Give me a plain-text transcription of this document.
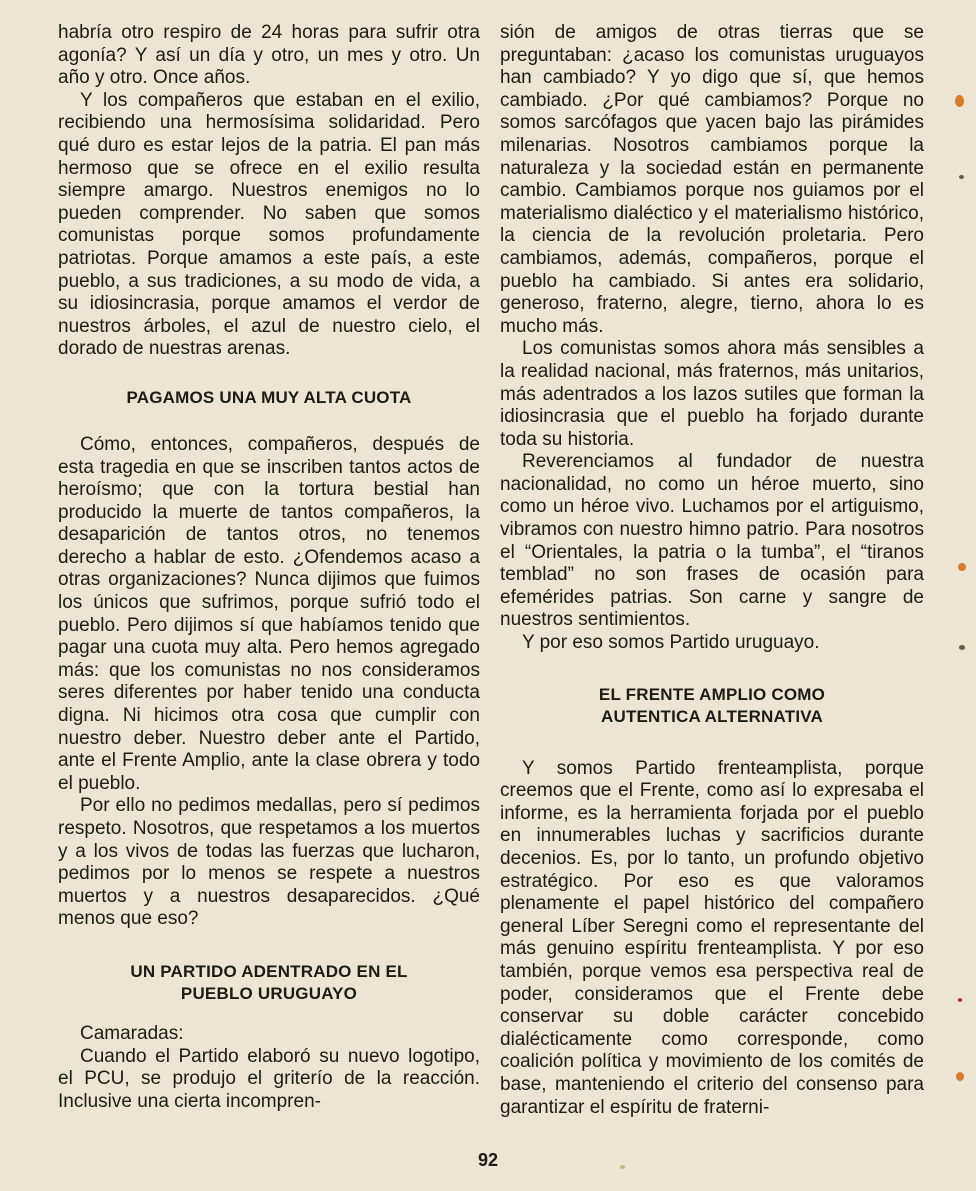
habría otro respiro de 24 horas para sufrir otra agonía? Y así un día y otro, un mes y otro. Un año y otro. Once años.

Y los compañeros que estaban en el exilio, recibiendo una hermosísima solidaridad. Pero qué duro es estar lejos de la patria. El pan más hermoso que se ofrece en el exilio resulta siempre amargo. Nuestros enemigos no lo pueden comprender. No saben que somos comunistas porque somos profundamente patriotas. Porque amamos a este país, a este pueblo, a sus tradiciones, a su modo de vida, a su idiosincrasia, porque amamos el verdor de nuestros árboles, el azul de nuestro cielo, el dorado de nuestras arenas.

PAGAMOS UNA MUY ALTA CUOTA

Cómo, entonces, compañeros, después de esta tragedia en que se inscriben tantos actos de heroísmo; que con la tortura bestial han producido la muerte de tantos compañeros, la desaparición de tantos otros, no tenemos derecho a hablar de esto. ¿Ofendemos acaso a otras organizaciones? Nunca dijimos que fuimos los únicos que sufrimos, porque sufrió todo el pueblo. Pero dijimos sí que habíamos tenido que pagar una cuota muy alta. Pero hemos agregado más: que los comunistas no nos consideramos seres diferentes por haber tenido una conducta digna. Ni hicimos otra cosa que cumplir con nuestro deber. Nuestro deber ante el Partido, ante el Frente Amplio, ante la clase obrera y todo el pueblo.

Por ello no pedimos medallas, pero sí pedimos respeto. Nosotros, que respetamos a los muertos y a los vivos de todas las fuerzas que lucharon, pedimos por lo menos se respete a nuestros muertos y a nuestros desaparecidos. ¿Qué menos que eso?

UN PARTIDO ADENTRADO EN EL
PUEBLO URUGUAYO

Camaradas:

Cuando el Partido elaboró su nuevo logotipo, el PCU, se produjo el griterío de la reacción. Inclusive una cierta incompren-

sión de amigos de otras tierras que se preguntaban: ¿acaso los comunistas uruguayos han cambiado? Y yo digo que sí, que hemos cambiado. ¿Por qué cambiamos? Porque no somos sarcófagos que yacen bajo las pirámides milenarias. Nosotros cambiamos porque la naturaleza y la sociedad están en permanente cambio. Cambiamos porque nos guiamos por el materialismo dialéctico y el materialismo histórico, la ciencia de la revolución proletaria. Pero cambiamos, además, compañeros, porque el pueblo ha cambiado. Si antes era solidario, generoso, fraterno, alegre, tierno, ahora lo es mucho más.

Los comunistas somos ahora más sensibles a la realidad nacional, más fraternos, más unitarios, más adentrados a los lazos sutiles que forman la idiosincrasia que el pueblo ha forjado durante toda su historia.

Reverenciamos al fundador de nuestra nacionalidad, no como un héroe muerto, sino como un héroe vivo. Luchamos por el artiguismo, vibramos con nuestro himno patrio. Para nosotros el “Orientales, la patria o la tumba”, el “tiranos temblad” no son frases de ocasión para efemérides patrias. Son carne y sangre de nuestros sentimientos.

Y por eso somos Partido uruguayo.

EL FRENTE AMPLIO COMO
AUTENTICA ALTERNATIVA

Y somos Partido frenteamplista, porque creemos que el Frente, como así lo expresaba el informe, es la herramienta forjada por el pueblo en innumerables luchas y sacrificios durante decenios. Es, por lo tanto, un profundo objetivo estratégico. Por eso es que valoramos plenamente el papel histórico del compañero general Líber Seregni como el representante del más genuino espíritu frenteamplista. Y por eso también, porque vemos esa perspectiva real de poder, consideramos que el Frente debe conservar su doble carácter concebido dialécticamente como corresponde, como coalición política y movimiento de los comités de base, manteniendo el criterio del consenso para garantizar el espíritu de fraterni-

92
